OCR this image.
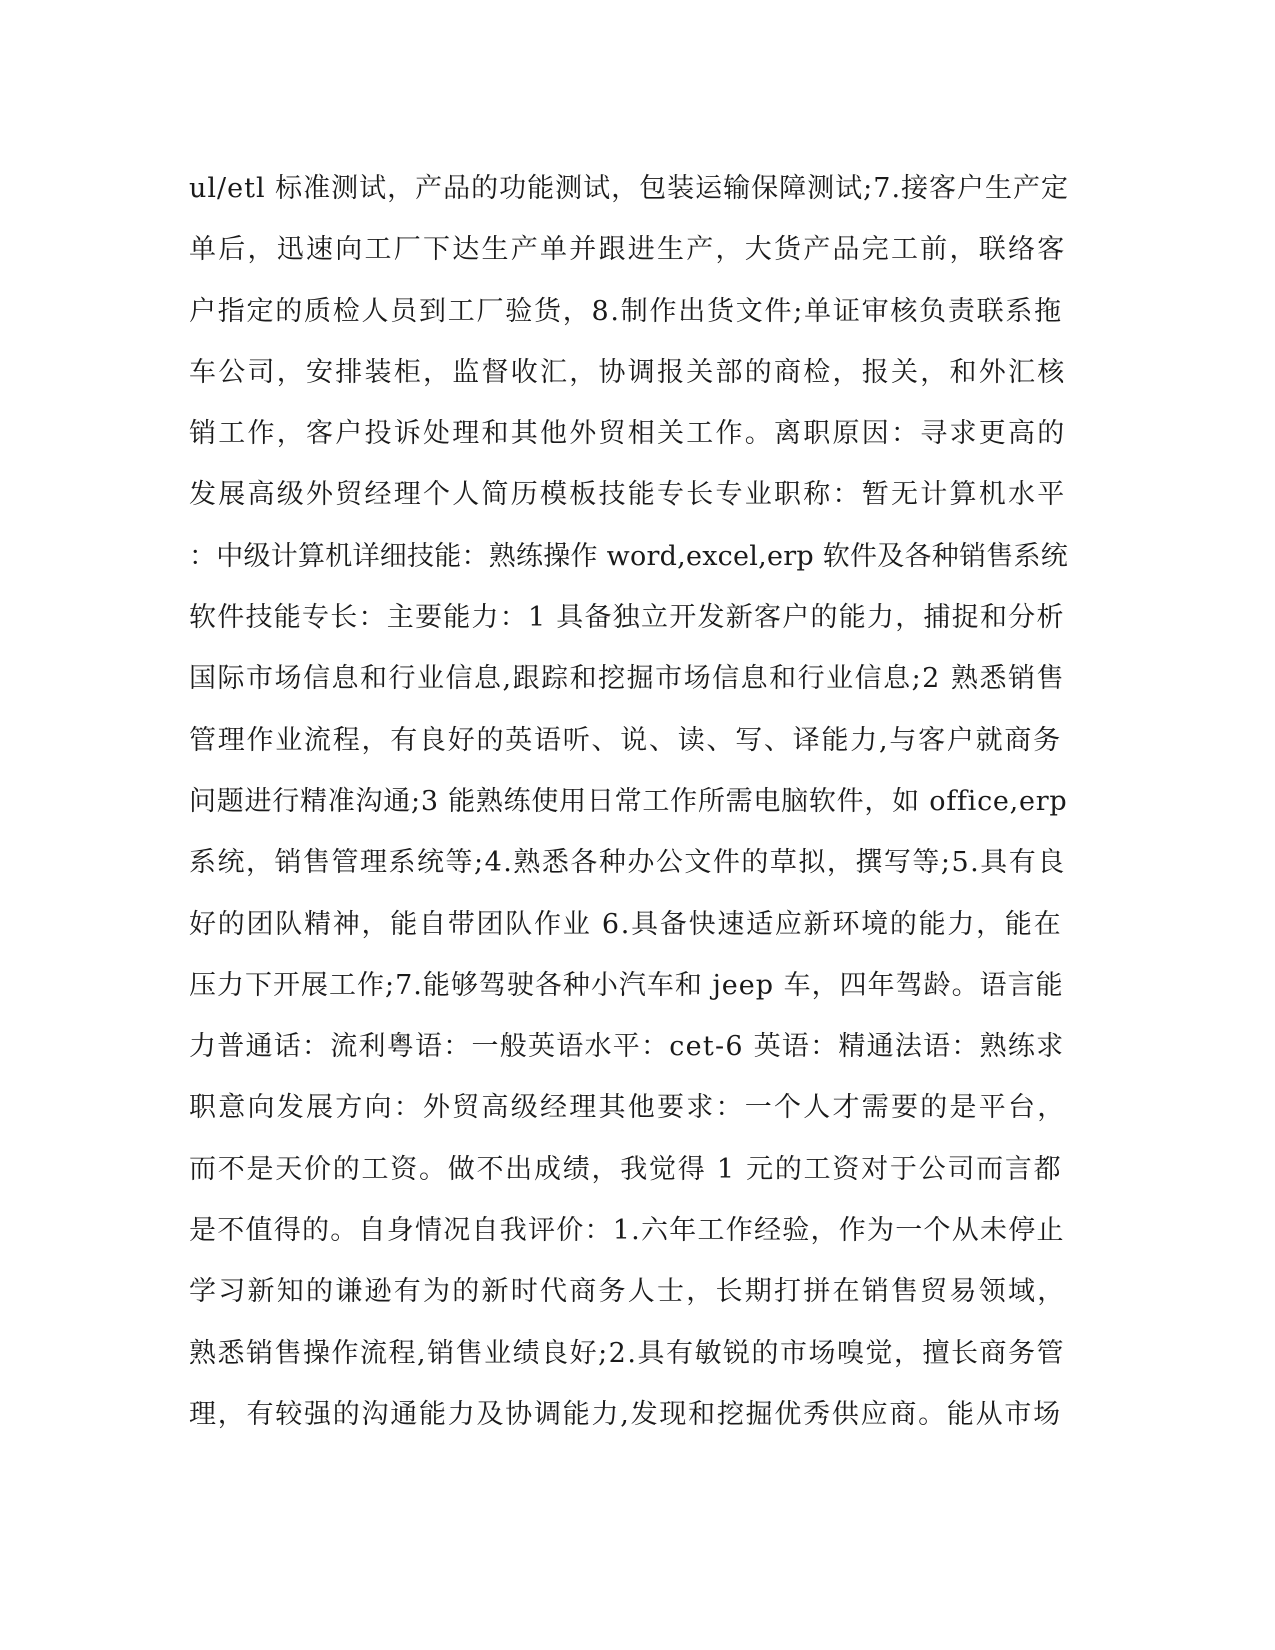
ul/etl 标准测试，产品的功能测试，包装运输保障测试;7.接客户生产定
单后，迅速向工厂下达生产单并跟进生产，大货产品完工前，联络客
户指定的质检人员到工厂验货，8.制作出货文件;单证审核负责联系拖
车公司，安排装柜，监督收汇，协调报关部的商检，报关，和外汇核
销工作，客户投诉处理和其他外贸相关工作。离职原因：寻求更高的
发展高级外贸经理个人简历模板技能专长专业职称：暂无计算机水平
：中级计算机详细技能：熟练操作 word,excel,erp 软件及各种销售系统
软件技能专长：主要能力：1 具备独立开发新客户的能力，捕捉和分析
国际市场信息和行业信息,跟踪和挖掘市场信息和行业信息;2 熟悉销售
管理作业流程，有良好的英语听、说、读、写、译能力,与客户就商务
问题进行精准沟通;3 能熟练使用日常工作所需电脑软件，如 office,erp
系统，销售管理系统等;4.熟悉各种办公文件的草拟，撰写等;5.具有良
好的团队精神，能自带团队作业 6.具备快速适应新环境的能力，能在
压力下开展工作;7.能够驾驶各种小汽车和 jeep 车，四年驾龄。语言能
力普通话：流利粤语：一般英语水平：cet-6 英语：精通法语：熟练求
职意向发展方向：外贸高级经理其他要求：一个人才需要的是平台，
而不是天价的工资。做不出成绩，我觉得 1 元的工资对于公司而言都
是不值得的。自身情况自我评价：1.六年工作经验，作为一个从未停止
学习新知的谦逊有为的新时代商务人士，长期打拼在销售贸易领域，
熟悉销售操作流程,销售业绩良好;2.具有敏锐的市场嗅觉，擅长商务管
理，有较强的沟通能力及协调能力,发现和挖掘优秀供应商。能从市场
